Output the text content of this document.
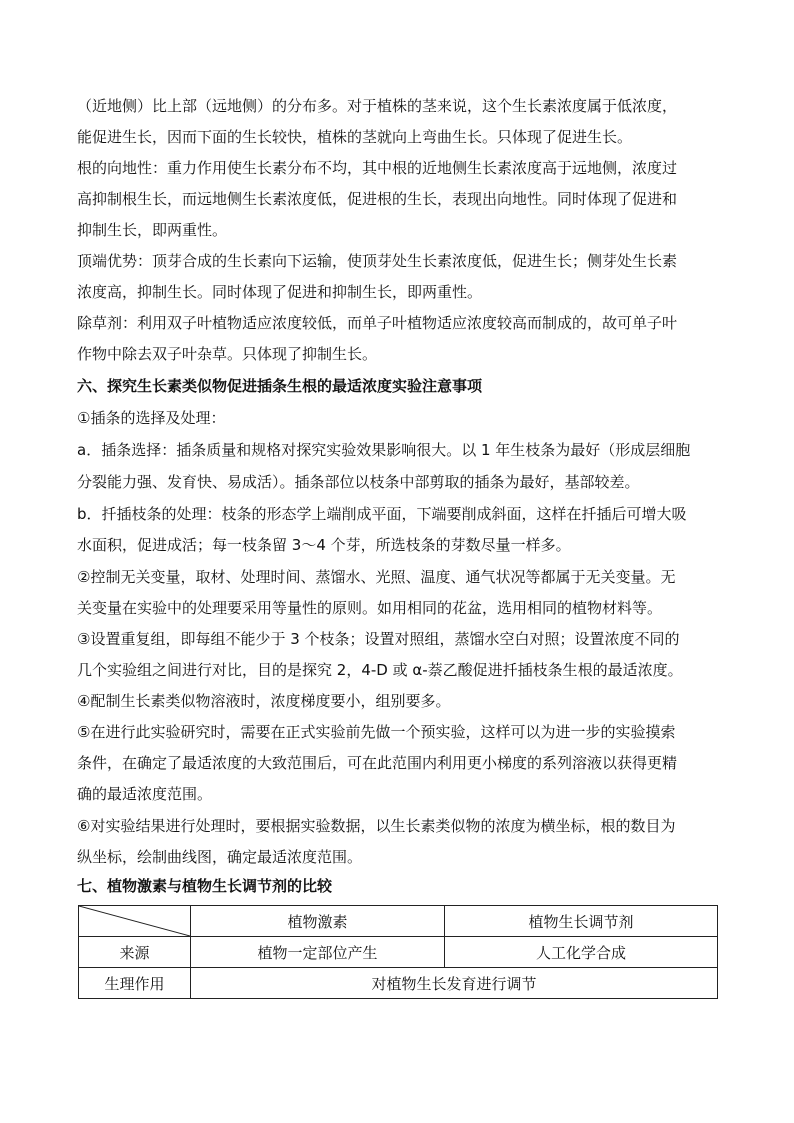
（近地侧）比上部（远地侧）的分布多。对于植株的茎来说，这个生长素浓度属于低浓度，
能促进生长，因而下面的生长较快，植株的茎就向上弯曲生长。只体现了促进生长。
根的向地性：重力作用使生长素分布不均，其中根的近地侧生长素浓度高于远地侧，浓度过
高抑制根生长，而远地侧生长素浓度低，促进根的生长，表现出向地性。同时体现了促进和
抑制生长，即两重性。
顶端优势：顶芽合成的生长素向下运输，使顶芽处生长素浓度低，促进生长；侧芽处生长素
浓度高，抑制生长。同时体现了促进和抑制生长，即两重性。
除草剂：利用双子叶植物适应浓度较低，而单子叶植物适应浓度较高而制成的，故可单子叶
作物中除去双子叶杂草。只体现了抑制生长。
六、探究生长素类似物促进插条生根的最适浓度实验注意事项
①插条的选择及处理：
a．插条选择：插条质量和规格对探究实验效果影响很大。以 1 年生枝条为最好（形成层细胞
分裂能力强、发育快、易成活）。插条部位以枝条中部剪取的插条为最好，基部较差。
b．扦插枝条的处理：枝条的形态学上端削成平面，下端要削成斜面，这样在扦插后可增大吸
水面积，促进成活；每一枝条留 3～4 个芽，所选枝条的芽数尽量一样多。
②控制无关变量，取材、处理时间、蒸馏水、光照、温度、通气状况等都属于无关变量。无
关变量在实验中的处理要采用等量性的原则。如用相同的花盆，选用相同的植物材料等。
③设置重复组，即每组不能少于 3 个枝条；设置对照组，蒸馏水空白对照；设置浓度不同的
几个实验组之间进行对比，目的是探究 2，4-D 或 α-萘乙酸促进扦插枝条生根的最适浓度。
④配制生长素类似物溶液时，浓度梯度要小，组别要多。
⑤在进行此实验研究时，需要在正式实验前先做一个预实验，这样可以为进一步的实验摸索
条件，在确定了最适浓度的大致范围后，可在此范围内利用更小梯度的系列溶液以获得更精
确的最适浓度范围。
⑥对实验结果进行处理时，要根据实验数据，以生长素类似物的浓度为横坐标，根的数目为
纵坐标，绘制曲线图，确定最适浓度范围。
七、植物激素与植物生长调节剂的比较
	植物激素	植物生长调节剂
来源	植物一定部位产生	人工化学合成
生理作用	对植物生长发育进行调节	
